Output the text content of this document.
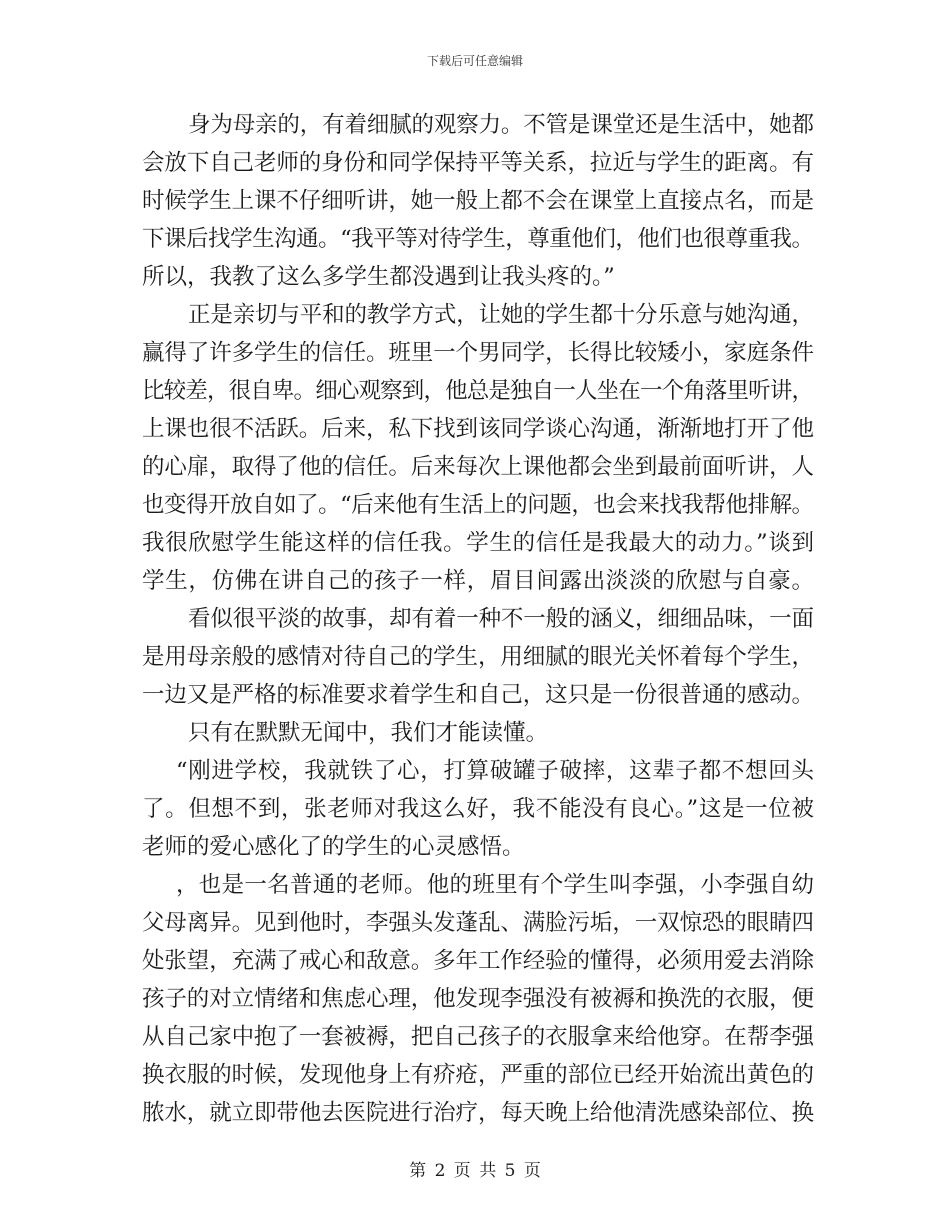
下载后可任意编辑
身为母亲的，有着细腻的观察力。不管是课堂还是生活中，她都
会放下自己老师的身份和同学保持平等关系，拉近与学生的距离。有
时候学生上课不仔细听讲，她一般上都不会在课堂上直接点名，而是
下课后找学生沟通。“我平等对待学生，尊重他们，他们也很尊重我。
所以，我教了这么多学生都没遇到让我头疼的。”
正是亲切与平和的教学方式，让她的学生都十分乐意与她沟通，
赢得了许多学生的信任。班里一个男同学，长得比较矮小，家庭条件
比较差，很自卑。细心观察到，他总是独自一人坐在一个角落里听讲，
上课也很不活跃。后来，私下找到该同学谈心沟通，渐渐地打开了他
的心扉，取得了他的信任。后来每次上课他都会坐到最前面听讲，人
也变得开放自如了。“后来他有生活上的问题，也会来找我帮他排解。
我很欣慰学生能这样的信任我。学生的信任是我最大的动力。”谈到
学生，仿佛在讲自己的孩子一样，眉目间露出淡淡的欣慰与自豪。
看似很平淡的故事，却有着一种不一般的涵义，细细品味，一面
是用母亲般的感情对待自己的学生，用细腻的眼光关怀着每个学生，
一边又是严格的标准要求着学生和自己，这只是一份很普通的感动。
只有在默默无闻中，我们才能读懂。
“刚进学校，我就铁了心，打算破罐子破摔，这辈子都不想回头
了。但想不到，张老师对我这么好，我不能没有良心。”这是一位被
老师的爱心感化了的学生的心灵感悟。
，也是一名普通的老师。他的班里有个学生叫李强，小李强自幼
父母离异。见到他时，李强头发蓬乱、满脸污垢，一双惊恐的眼睛四
处张望，充满了戒心和敌意。多年工作经验的懂得，必须用爱去消除
孩子的对立情绪和焦虑心理，他发现李强没有被褥和换洗的衣服，便
从自己家中抱了一套被褥，把自己孩子的衣服拿来给他穿。在帮李强
换衣服的时候，发现他身上有疥疮，严重的部位已经开始流出黄色的
脓水，就立即带他去医院进行治疗，每天晚上给他清洗感染部位、换
第 2 页 共 5 页
